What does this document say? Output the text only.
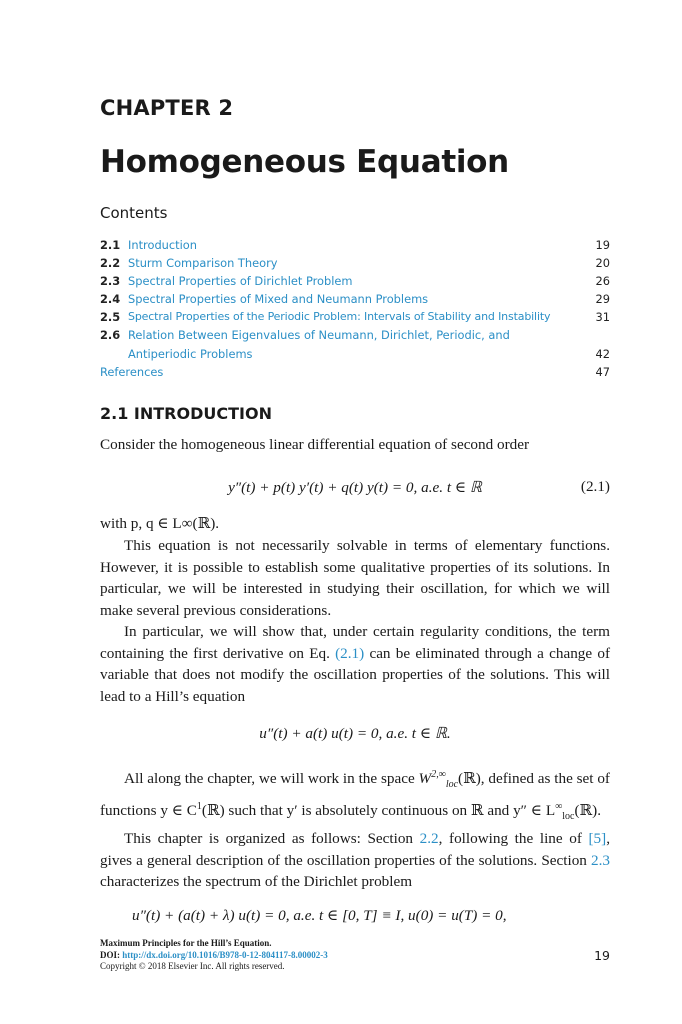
CHAPTER 2
Homogeneous Equation
Contents
2.1 Introduction	19
2.2 Sturm Comparison Theory	20
2.3 Spectral Properties of Dirichlet Problem	26
2.4 Spectral Properties of Mixed and Neumann Problems	29
2.5 Spectral Properties of the Periodic Problem: Intervals of Stability and Instability	31
2.6 Relation Between Eigenvalues of Neumann, Dirichlet, Periodic, and
Antiperiodic Problems	42
References	47
2.1 INTRODUCTION
Consider the homogeneous linear differential equation of second order
y″(t) + p(t) y′(t) + q(t) y(t) = 0, a.e. t ∈ ℝ	(2.1)
with p, q ∈ L∞(ℝ).
This equation is not necessarily solvable in terms of elementary functions. However, it is possible to establish some qualitative properties of its solutions. In particular, we will be interested in studying their oscillation, for which we will make several previous considerations.
In particular, we will show that, under certain regularity conditions, the term containing the first derivative on Eq. (2.1) can be eliminated through a change of variable that does not modify the oscillation properties of the solutions. This will lead to a Hill’s equation
u″(t) + a(t) u(t) = 0, a.e. t ∈ ℝ.
All along the chapter, we will work in the space $W^{2,\infty}_{loc}(ℝ)$, defined as the set of functions y ∈ $C^1(ℝ)$ such that y′ is absolutely continuous on ℝ and y″ ∈ $L^\infty_{loc}(ℝ)$.
This chapter is organized as follows: Section 2.2, following the line of [5], gives a general description of the oscillation properties of the solutions. Section 2.3 characterizes the spectrum of the Dirichlet problem
u″(t) + (a(t) + λ) u(t) = 0, a.e. t ∈ [0, T] ≡ I, u(0) = u(T) = 0,
Maximum Principles for the Hill’s Equation.
DOI: http://dx.doi.org/10.1016/B978-0-12-804117-8.00002-3
Copyright © 2018 Elsevier Inc. All rights reserved.
19
